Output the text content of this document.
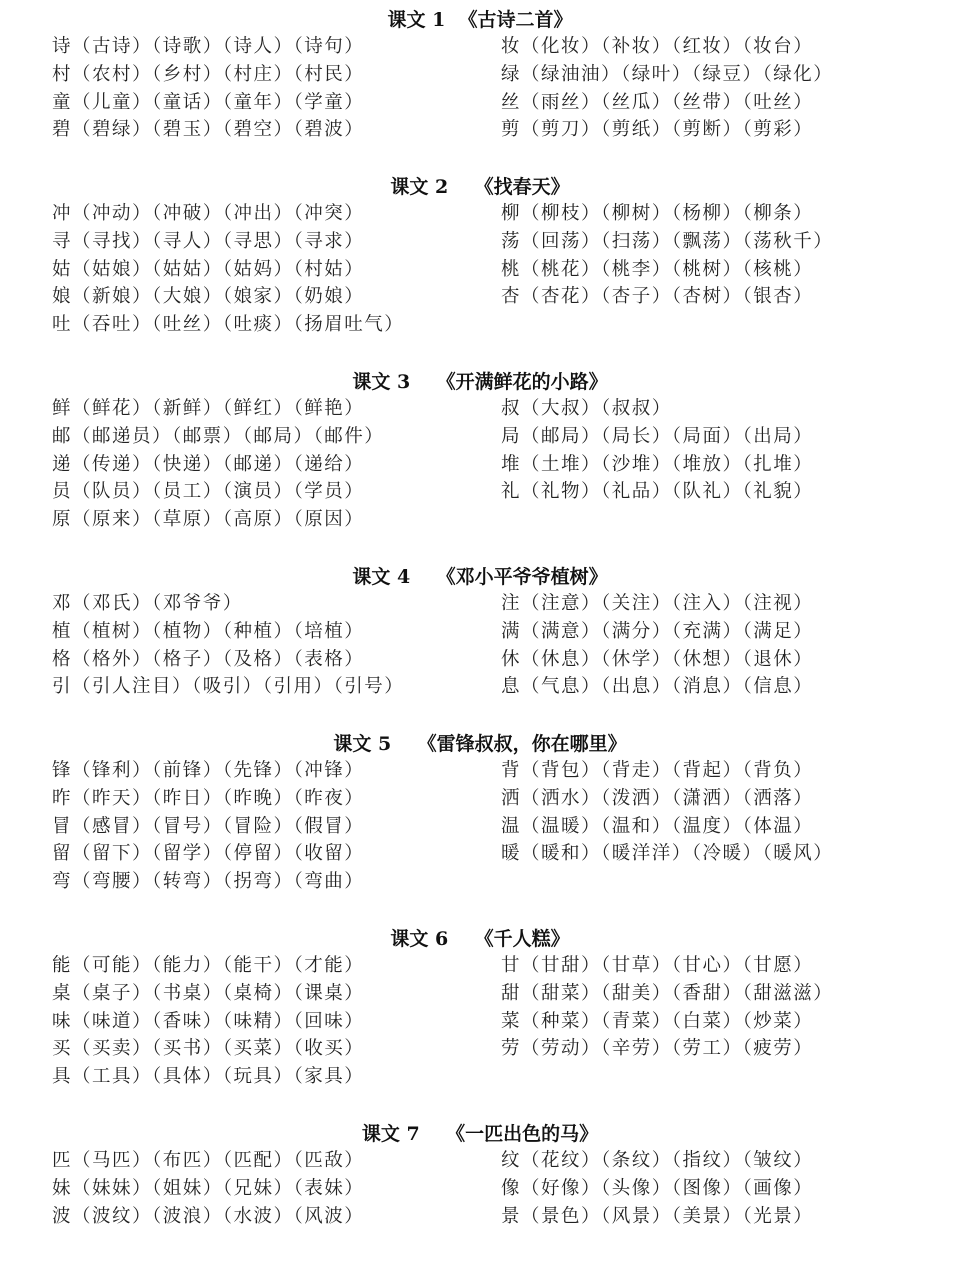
课文 1  《古诗二首》
诗（古诗）（诗歌）（诗人）（诗句）
村（农村）（乡村）（村庄）（村民）
童（儿童）（童话）（童年）（学童）
碧（碧绿）（碧玉）（碧空）（碧波）
妆（化妆）（补妆）（红妆）（妆台）
绿（绿油油）（绿叶）（绿豆）（绿化）
丝（雨丝）（丝瓜）（丝带）（吐丝）
剪（剪刀）（剪纸）（剪断）（剪彩）
课文 2    《找春天》
冲（冲动）（冲破）（冲出）（冲突）
寻（寻找）（寻人）（寻思）（寻求）
姑（姑娘）（姑姑）（姑妈）（村姑）
娘（新娘）（大娘）（娘家）（奶娘）
吐（吞吐）（吐丝）（吐痰）（扬眉吐气）
柳（柳枝）（柳树）（杨柳）（柳条）
荡（回荡）（扫荡）（飘荡）（荡秋千）
桃（桃花）（桃李）（桃树）（核桃）
杏（杏花）（杏子）（杏树）（银杏）
课文 3    《开满鲜花的小路》
鲜（鲜花）（新鲜）（鲜红）（鲜艳）
邮（邮递员）（邮票）（邮局）（邮件）
递（传递）（快递）（邮递）（递给）
员（队员）（员工）（演员）（学员）
原（原来）（草原）（高原）（原因）
叔（大叔）（叔叔）
局（邮局）（局长）（局面）（出局）
堆（土堆）（沙堆）（堆放）（扎堆）
礼（礼物）（礼品）（队礼）（礼貌）
课文 4    《邓小平爷爷植树》
邓（邓氏）（邓爷爷）
植（植树）（植物）（种植）（培植）
格（格外）（格子）（及格）（表格）
引（引人注目）（吸引）（引用）（引号）
注（注意）（关注）（注入）（注视）
满（满意）（满分）（充满）（满足）
休（休息）（休学）（休想）（退休）
息（气息）（出息）（消息）（信息）
课文 5    《雷锋叔叔，你在哪里》
锋（锋利）（前锋）（先锋）（冲锋）
昨（昨天）（昨日）（昨晚）（昨夜）
冒（感冒）（冒号）（冒险）（假冒）
留（留下）（留学）（停留）（收留）
弯（弯腰）（转弯）（拐弯）（弯曲）
背（背包）（背走）（背起）（背负）
洒（洒水）（泼洒）（潇洒）（洒落）
温（温暖）（温和）（温度）（体温）
暖（暖和）（暖洋洋）（冷暖）（暖风）
课文 6    《千人糕》
能（可能）（能力）（能干）（才能）
桌（桌子）（书桌）（桌椅）（课桌）
味（味道）（香味）（味精）（回味）
买（买卖）（买书）（买菜）（收买）
具（工具）（具体）（玩具）（家具）
甘（甘甜）（甘草）（甘心）（甘愿）
甜（甜菜）（甜美）（香甜）（甜滋滋）
菜（种菜）（青菜）（白菜）（炒菜）
劳（劳动）（辛劳）（劳工）（疲劳）
课文 7    《一匹出色的马》
匹（马匹）（布匹）（匹配）（匹敌）
妹（妹妹）（姐妹）（兄妹）（表妹）
波（波纹）（波浪）（水波）（风波）
纹（花纹）（条纹）（指纹）（皱纹）
像（好像）（头像）（图像）（画像）
景（景色）（风景）（美景）（光景）
